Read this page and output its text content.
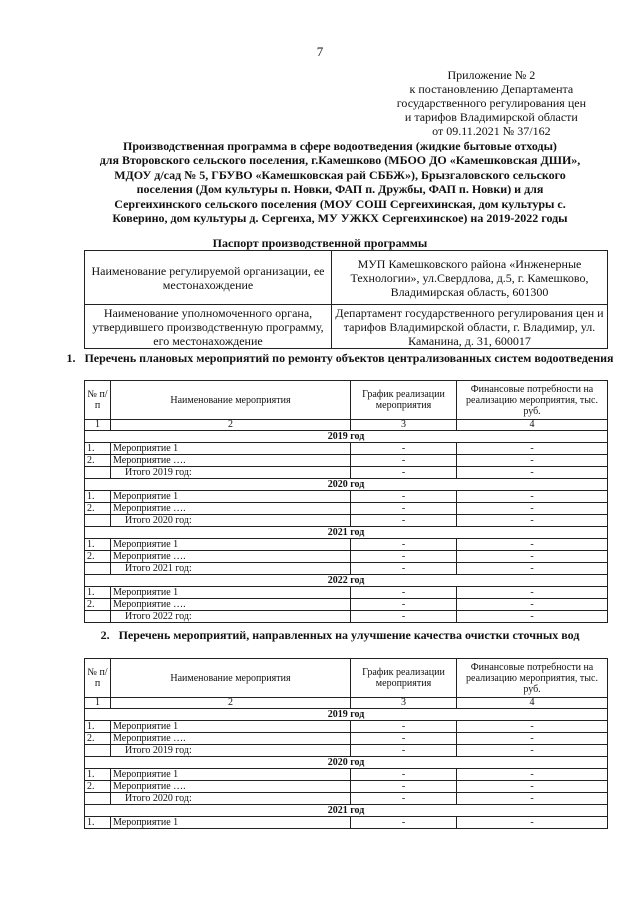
7
Приложение № 2
к постановлению Департамента
государственного регулирования цен
и тарифов Владимирской области
от 09.11.2021 № 37/162
Производственная программа в сфере водоотведения (жидкие бытовые отходы)
для Второвского сельского поселения, г.Камешково (МБОО ДО «Камешковская ДШИ»,
МДОУ д/сад № 5, ГБУВО «Камешковская рай СББЖ»), Брызгаловского сельского
поселения (Дом культуры п. Новки, ФАП п. Дружбы, ФАП п. Новки) и для
Сергеихинского сельского поселения (МОУ СОШ Сергеихинская, дом культуры с.
Коверино, дом культуры д. Сергеиха, МУ УЖКХ Сергеихинское) на 2019-2022 годы
Паспорт производственной программы
Наименование регулируемой организации, ее местонахождение	МУП Камешковского района «Инженерные Технологии», ул.Свердлова, д.5, г. Камешково, Владимирская область, 601300
Наименование уполномоченного органа, утвердившего производственную программу, его местонахождение	Департамент государственного регулирования цен и тарифов Владимирской области, г. Владимир, ул. Каманина, д. 31, 600017
1.   Перечень плановых мероприятий по ремонту объектов централизованных систем водоотведения
№ п/п	Наименование мероприятия	График реализации мероприятия	Финансовые потребности на реализацию мероприятия, тыс. руб.
1	2	3	4
2019 год			
1.	Мероприятие 1	-	-
2.	Мероприятие ….	-	-
	Итого 2019 год:	-	-
2020 год			
1.	Мероприятие 1	-	-
2.	Мероприятие ….	-	-
	Итого 2020 год:	-	-
2021 год			
1.	Мероприятие 1	-	-
2.	Мероприятие ….	-	-
	Итого 2021 год:	-	-
2022 год			
1.	Мероприятие 1	-	-
2.	Мероприятие ….	-	-
	Итого 2022 год:	-	-
2.   Перечень мероприятий, направленных на улучшение качества очистки сточных вод
№ п/п	Наименование мероприятия	График реализации мероприятия	Финансовые потребности на реализацию мероприятия, тыс. руб.
1	2	3	4
2019 год			
1.	Мероприятие 1	-	-
2.	Мероприятие ….	-	-
	Итого 2019 год:	-	-
2020 год			
1.	Мероприятие 1	-	-
2.	Мероприятие ….	-	-
	Итого 2020 год:	-	-
2021 год			
1.	Мероприятие 1	-	-
